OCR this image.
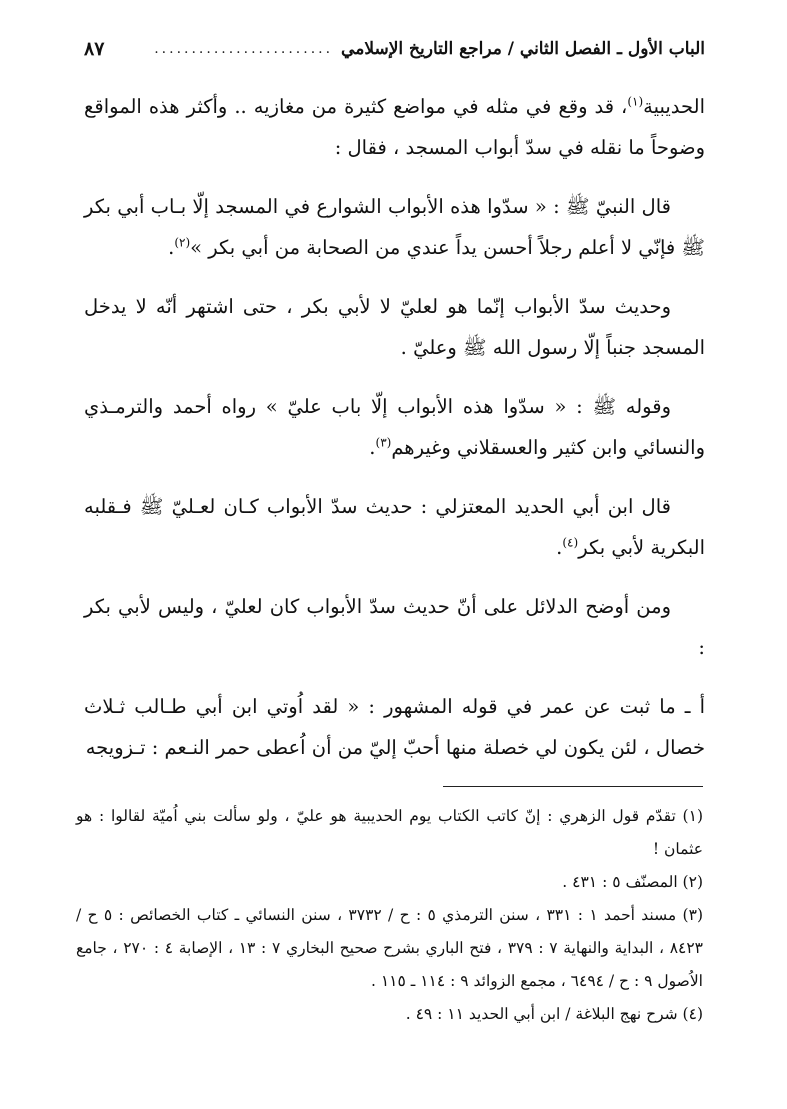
الباب الأول ـ الفصل الثاني / مراجع التاريخ الإسلامي
........................
٨٧

الحديبية$^{(١)}$، قد وقع في مثله في مواضع كثيرة من مغازيه .. وأكثر هذه المواقع وضوحاً ما نقله في سدّ أبواب المسجد ، فقال :

قال النبيّ ﷺ : « سدّوا هذه الأبواب الشوارع في المسجد إلّا بـاب أبي بكر ﷺ فإنّي لا أعلم رجلاً أحسن يداً عندي من الصحابة من أبي بكر »$^{(٢)}$.

وحديث سدّ الأبواب إنّما هو لعليّ لا لأبي بكر ، حتى اشتهر أنّه لا يدخل المسجد جنباً إلّا رسول الله ﷺ وعليّ .

وقوله ﷺ : « سدّوا هذه الأبواب إلّا باب عليّ » رواه أحمد والترمـذي والنسائي وابن كثير والعسقلاني وغيرهم$^{(٣)}$.

قال ابن أبي الحديد المعتزلي : حديث سدّ الأبواب كـان لعـليّ ﷺ فـقلبه البكرية لأبي بكر$^{(٤)}$.

ومن أوضح الدلائل على أنّ حديث سدّ الأبواب كان لعليّ ، وليس لأبي بكر :

أ ـ ما ثبت عن عمر في قوله المشهور : « لقد اُوتي ابن أبي طـالب ثـلاث خصال ، لئن يكون لي خصلة منها أحبّ إليّ من أن اُعطى حمر النـعم : تـزويجه

(١) تقدّم قول الزهري : إنّ كاتب الكتاب يوم الحديبية هو عليّ ، ولو سألت بني اُميّة لقالوا : هو عثمان !

(٢) المصنّف ٥ : ٤٣١ .

(٣) مسند أحمد ١ : ٣٣١ ، سنن الترمذي ٥ : ح / ٣٧٣٢ ، سنن النسائي ـ كتاب الخصائص : ٥ ح / ٨٤٢٣ ، البداية والنهاية ٧ : ٣٧٩ ، فتح الباري بشرح صحيح البخاري ٧ : ١٣ ، الإصابة ٤ : ٢٧٠ ، جامع الاُصول ٩ : ح / ٦٤٩٤ ، مجمع الزوائد ٩ : ١١٤ ـ ١١٥ .

(٤) شرح نهج البلاغة / ابن أبي الحديد ١١ : ٤٩ .
